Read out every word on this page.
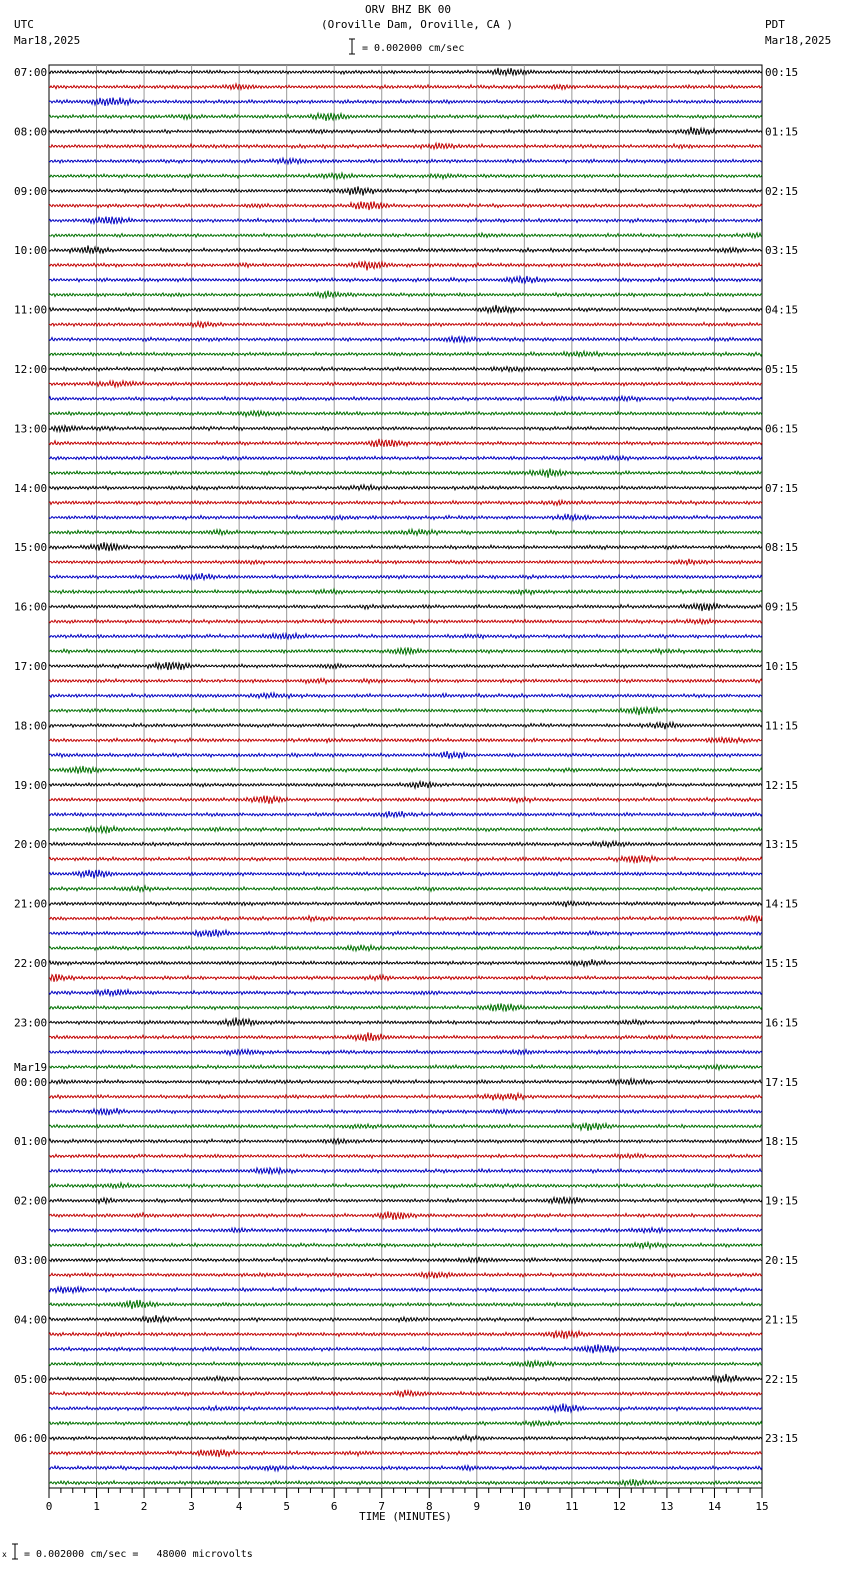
ORV BHZ BK 00
(Oroville Dam, Oroville, CA )
UTC
Mar18,2025
PDT
Mar18,2025
= 0.002000 cm/sec
07:00	00:15
08:00	01:15
09:00	02:15
10:00	03:15
11:00	04:15
12:00	05:15
13:00	06:15
14:00	07:15
15:00	08:15
16:00	09:15
17:00	10:15
18:00	11:15
19:00	12:15
20:00	13:15
21:00	14:15
22:00	15:15
23:00	16:15
00:00	17:15
Mar19
01:00	18:15
02:00	19:15
03:00	20:15
04:00	21:15
05:00	22:15
06:00	23:15
0	1	2	3	4	5	6	7	8	9	10	11	12	13	14	15
TIME (MINUTES)
x = 0.002000 cm/sec =   48000 microvolts
